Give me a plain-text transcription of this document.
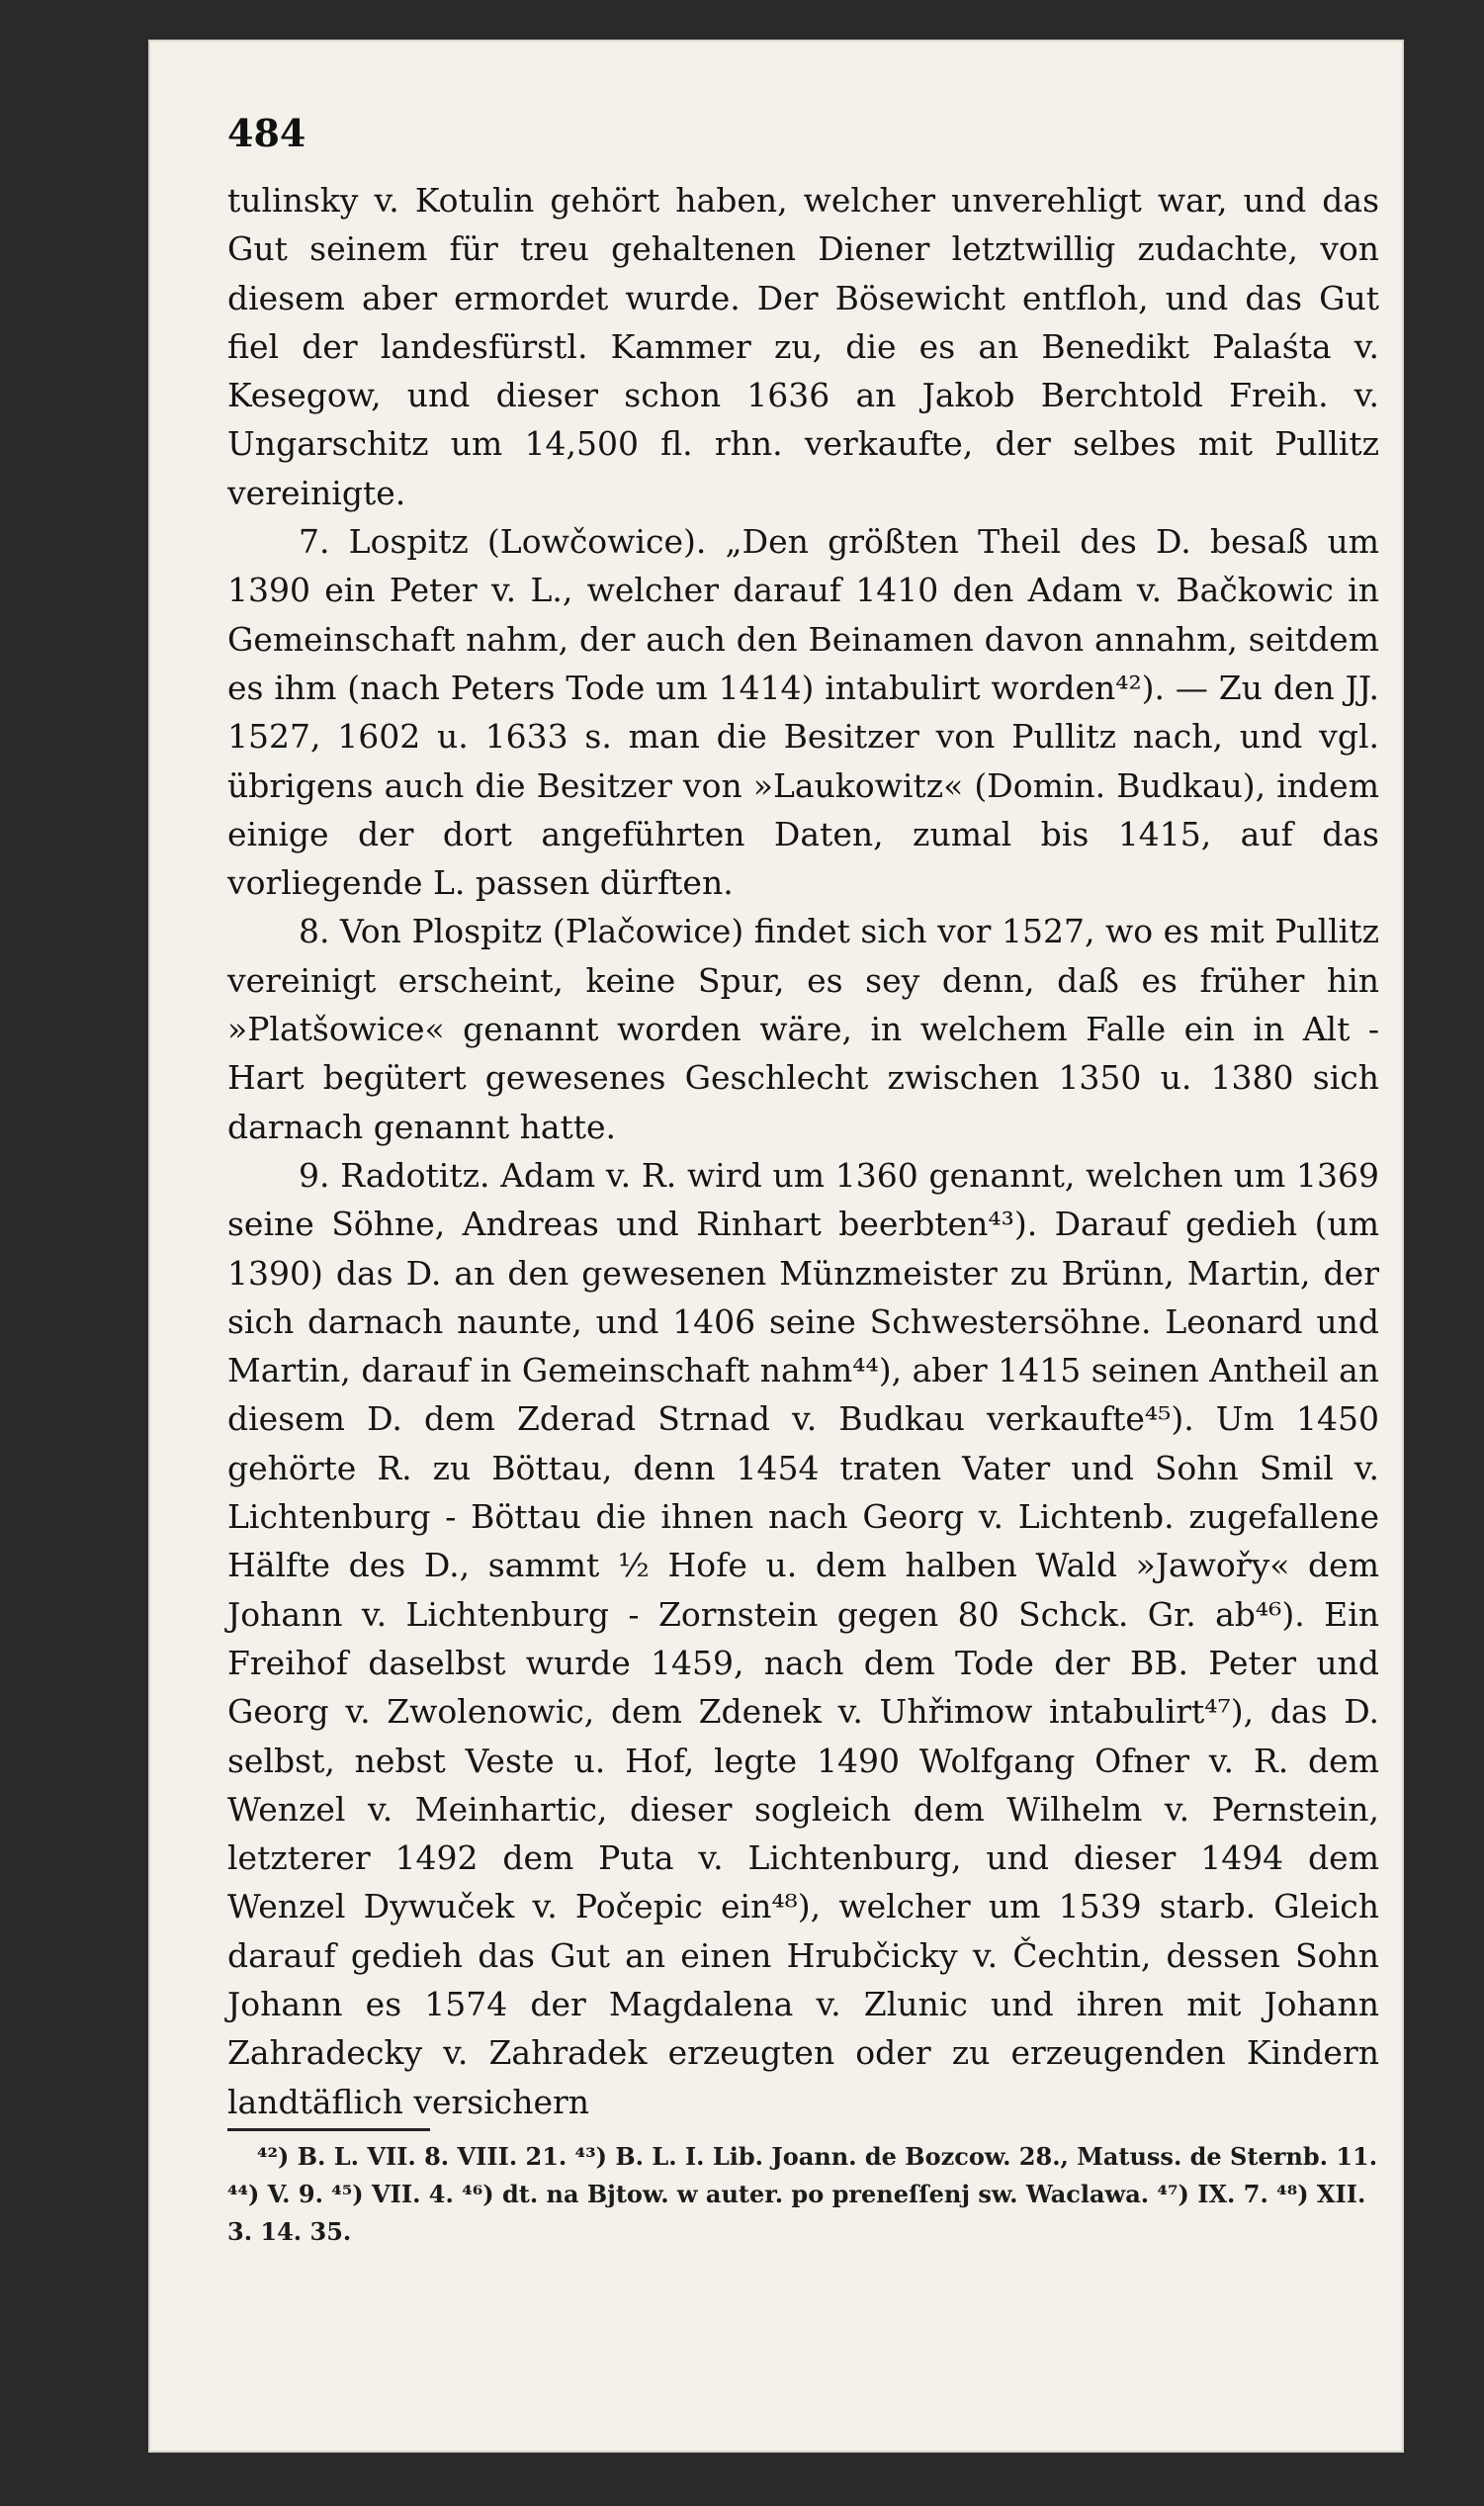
484

tulinsky v. Kotulin gehört haben, welcher unverehligt war, und das Gut seinem für treu gehaltenen Diener letztwillig zudachte, von diesem aber ermordet wurde. Der Bösewicht entfloh, und das Gut fiel der landesfürstl. Kammer zu, die es an Benedikt Palaśta v. Kesegow, und dieser schon 1636 an Jakob Berchtold Freih. v. Ungarschitz um 14,500 fl. rhn. verkaufte, der selbes mit Pullitz vereinigte.

7. Lospitz (Lowčowice). „Den größten Theil des D. besaß um 1390 ein Peter v. L., welcher darauf 1410 den Adam v. Bačkowic in Gemeinschaft nahm, der auch den Beinamen davon annahm, seitdem es ihm (nach Peters Tode um 1414) intabulirt worden⁴²). — Zu den JJ. 1527, 1602 u. 1633 s. man die Besitzer von Pullitz nach, und vgl. übrigens auch die Besitzer von »Laukowitz« (Domin. Budkau), indem einige der dort angeführten Daten, zumal bis 1415, auf das vorliegende L. passen dürften.

8. Von Plospitz (Plačowice) findet sich vor 1527, wo es mit Pullitz vereinigt erscheint, keine Spur, es sey denn, daß es früher hin »Platšowice« genannt worden wäre, in welchem Falle ein in Alt - Hart begütert gewesenes Geschlecht zwischen 1350 u. 1380 sich darnach genannt hatte.

9. Radotitz. Adam v. R. wird um 1360 genannt, welchen um 1369 seine Söhne, Andreas und Rinhart beerbten⁴³). Darauf gedieh (um 1390) das D. an den gewesenen Münzmeister zu Brünn, Martin, der sich darnach naunte, und 1406 seine Schwestersöhne. Leonard und Martin, darauf in Gemeinschaft nahm⁴⁴), aber 1415 seinen Antheil an diesem D. dem Zderad Strnad v. Budkau verkaufte⁴⁵). Um 1450 gehörte R. zu Böttau, denn 1454 traten Vater und Sohn Smil v. Lichtenburg - Böttau die ihnen nach Georg v. Lichtenb. zugefallene Hälfte des D., sammt ½ Hofe u. dem halben Wald »Jawořy« dem Johann v. Lichtenburg - Zornstein gegen 80 Schck. Gr. ab⁴⁶). Ein Freihof daselbst wurde 1459, nach dem Tode der BB. Peter und Georg v. Zwolenowic, dem Zdenek v. Uhřimow intabulirt⁴⁷), das D. selbst, nebst Veste u. Hof, legte 1490 Wolfgang Ofner v. R. dem Wenzel v. Meinhartic, dieser sogleich dem Wilhelm v. Pernstein, letzterer 1492 dem Puta v. Lichtenburg, und dieser 1494 dem Wenzel Dywuček v. Počepic ein⁴⁸), welcher um 1539 starb. Gleich darauf gedieh das Gut an einen Hrubčicky v. Čechtin, dessen Sohn Johann es 1574 der Magdalena v. Zlunic und ihren mit Johann Zahradecky v. Zahradek erzeugten oder zu erzeugenden Kindern landtäflich versichern

⁴²) B. L. VII. 8. VIII. 21. ⁴³) B. L. I. Lib. Joann. de Bozcow. 28., Matuss. de Sternb. 11. ⁴⁴) V. 9. ⁴⁵) VII. 4. ⁴⁶) dt. na Bjtow. w auter. po preneſſenj sw. Waclawa. ⁴⁷) IX. 7. ⁴⁸) XII. 3. 14. 35.
